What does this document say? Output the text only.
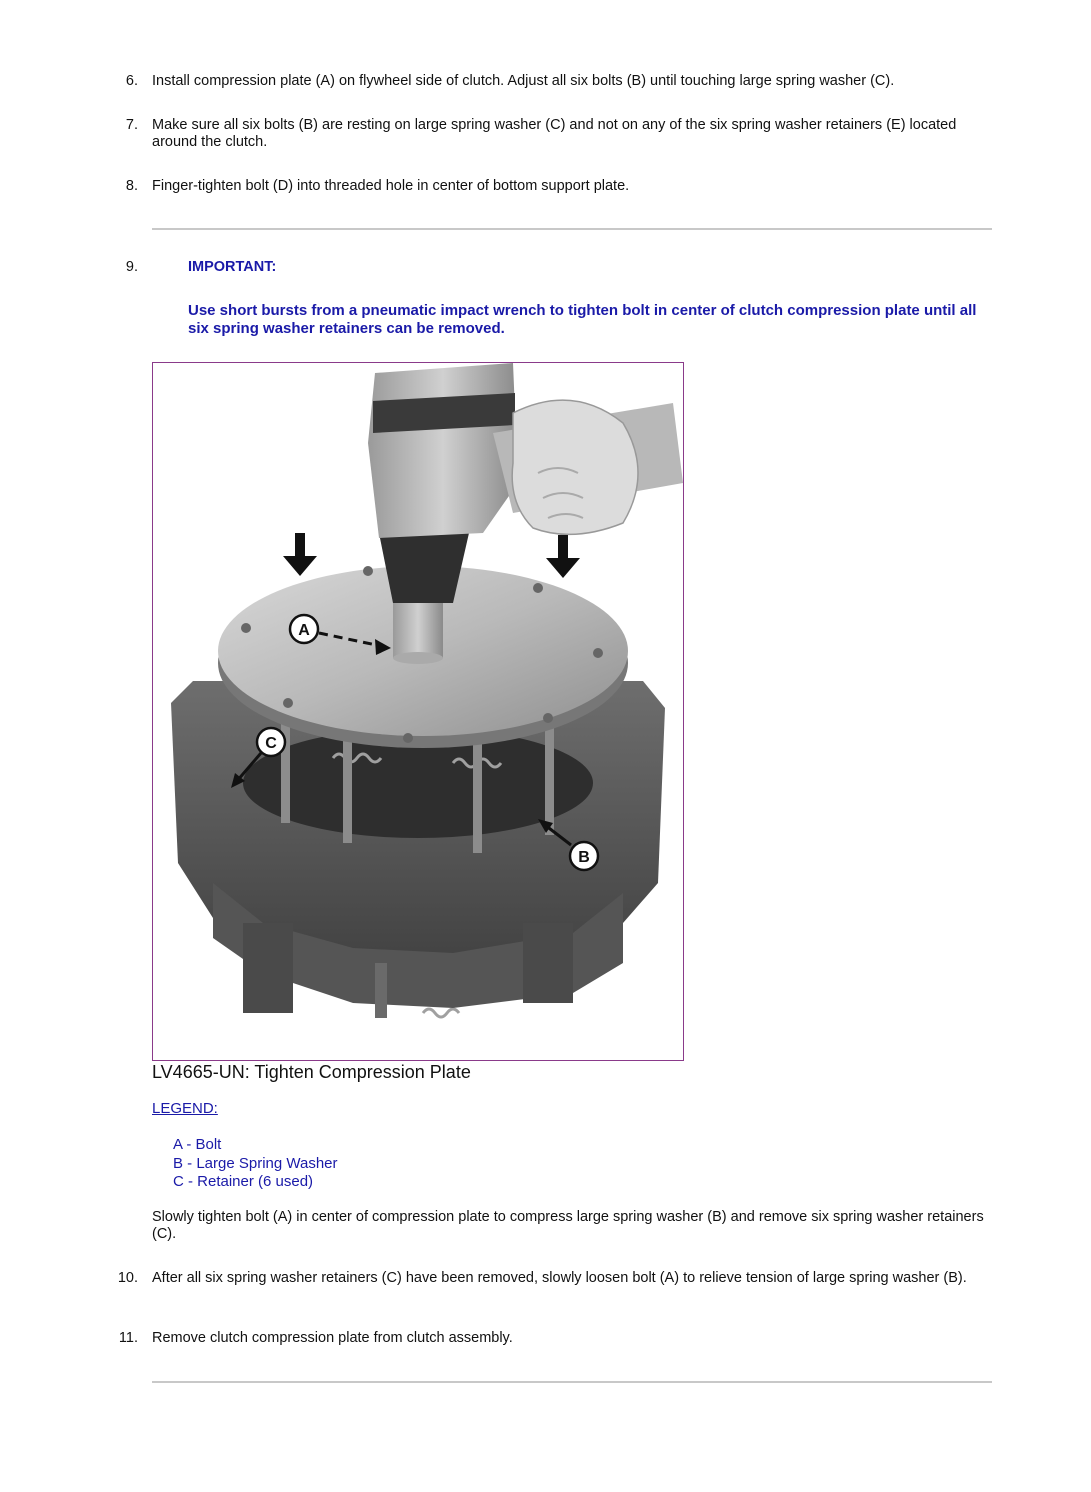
6. Install compression plate (A) on flywheel side of clutch. Adjust all six bolts (B) until touching large spring washer (C).
7. Make sure all six bolts (B) are resting on large spring washer (C) and not on any of the six spring washer retainers (E) located around the clutch.
8. Finger-tighten bolt (D) into threaded hole in center of bottom support plate.
9.	IMPORTANT:
Use short bursts from a pneumatic impact wrench to tighten bolt in center of clutch compression plate until all six spring washer retainers can be removed.
A
C
B
LV4665-UN: Tighten Compression Plate
LEGEND:
A - Bolt
B - Large Spring Washer
C - Retainer (6 used)
Slowly tighten bolt (A) in center of compression plate to compress large spring washer (B) and remove six spring washer retainers (C).
10. After all six spring washer retainers (C) have been removed, slowly loosen bolt (A) to relieve tension of large spring washer (B).
11. Remove clutch compression plate from clutch assembly.
